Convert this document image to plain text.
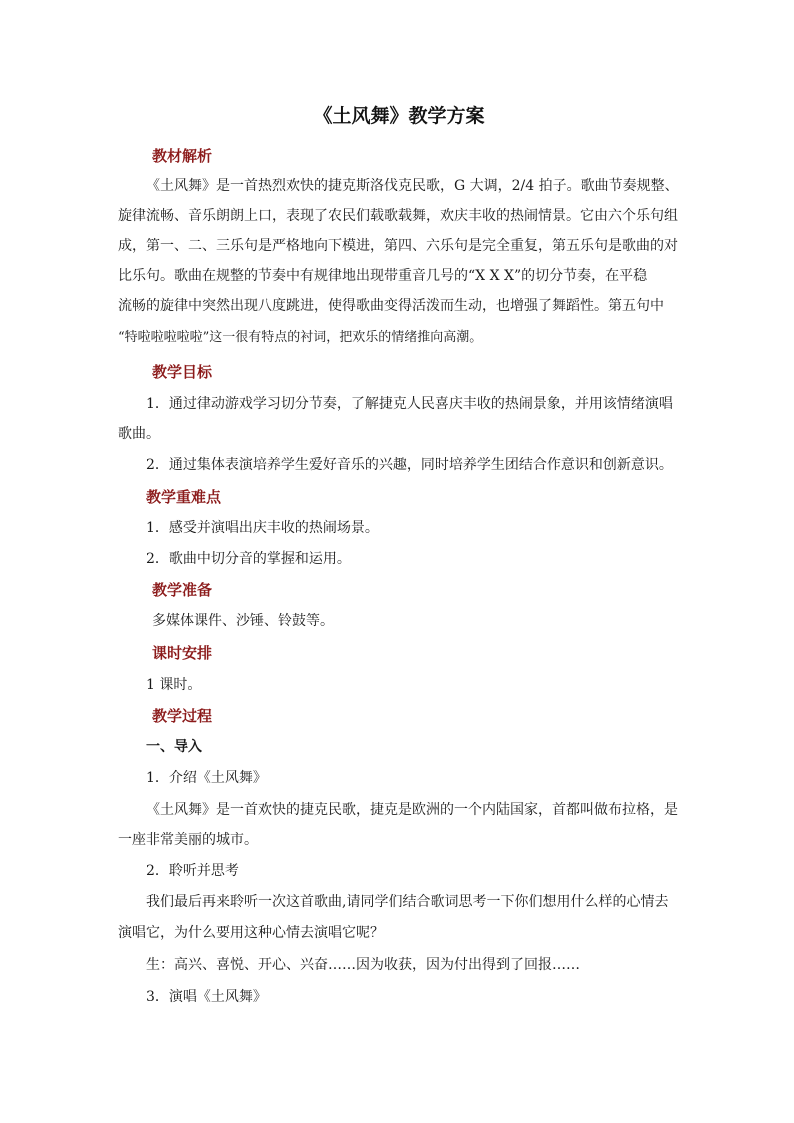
《土风舞》教学方案
教材解析
《土风舞》是一首热烈欢快的捷克斯洛伐克民歌，G 大调，2/4 拍子。歌曲节奏规整、
旋律流畅、音乐朗朗上口，表现了农民们载歌载舞，欢庆丰收的热闹情景。它由六个乐句组
成，第一、二、三乐句是严格地向下模进，第四、六乐句是完全重复，第五乐句是歌曲的对
比乐句。歌曲在规整的节奏中有规律地出现带重音几号的“X X X”的切分节奏，在平稳
流畅的旋律中突然出现八度跳进，使得歌曲变得活泼而生动，也增强了舞蹈性。第五句中
“特啦啦啦啦啦”这一很有特点的衬词，把欢乐的情绪推向高潮。
教学目标
1．通过律动游戏学习切分节奏，了解捷克人民喜庆丰收的热闹景象，并用该情绪演唱
歌曲。
2．通过集体表演培养学生爱好音乐的兴趣，同时培养学生团结合作意识和创新意识。
教学重难点
1．感受并演唱出庆丰收的热闹场景。
2．歌曲中切分音的掌握和运用。
教学准备
多媒体课件、沙锤、铃鼓等。
课时安排
1 课时。
教学过程
一、导入
1．介绍《土风舞》
《土风舞》是一首欢快的捷克民歌，捷克是欧洲的一个内陆国家，首都叫做布拉格，是
一座非常美丽的城市。
2．聆听并思考
我们最后再来聆听一次这首歌曲,请同学们结合歌词思考一下你们想用什么样的心情去
演唱它，为什么要用这种心情去演唱它呢？
生：高兴、喜悦、开心、兴奋……因为收获，因为付出得到了回报……
3．演唱《土风舞》
